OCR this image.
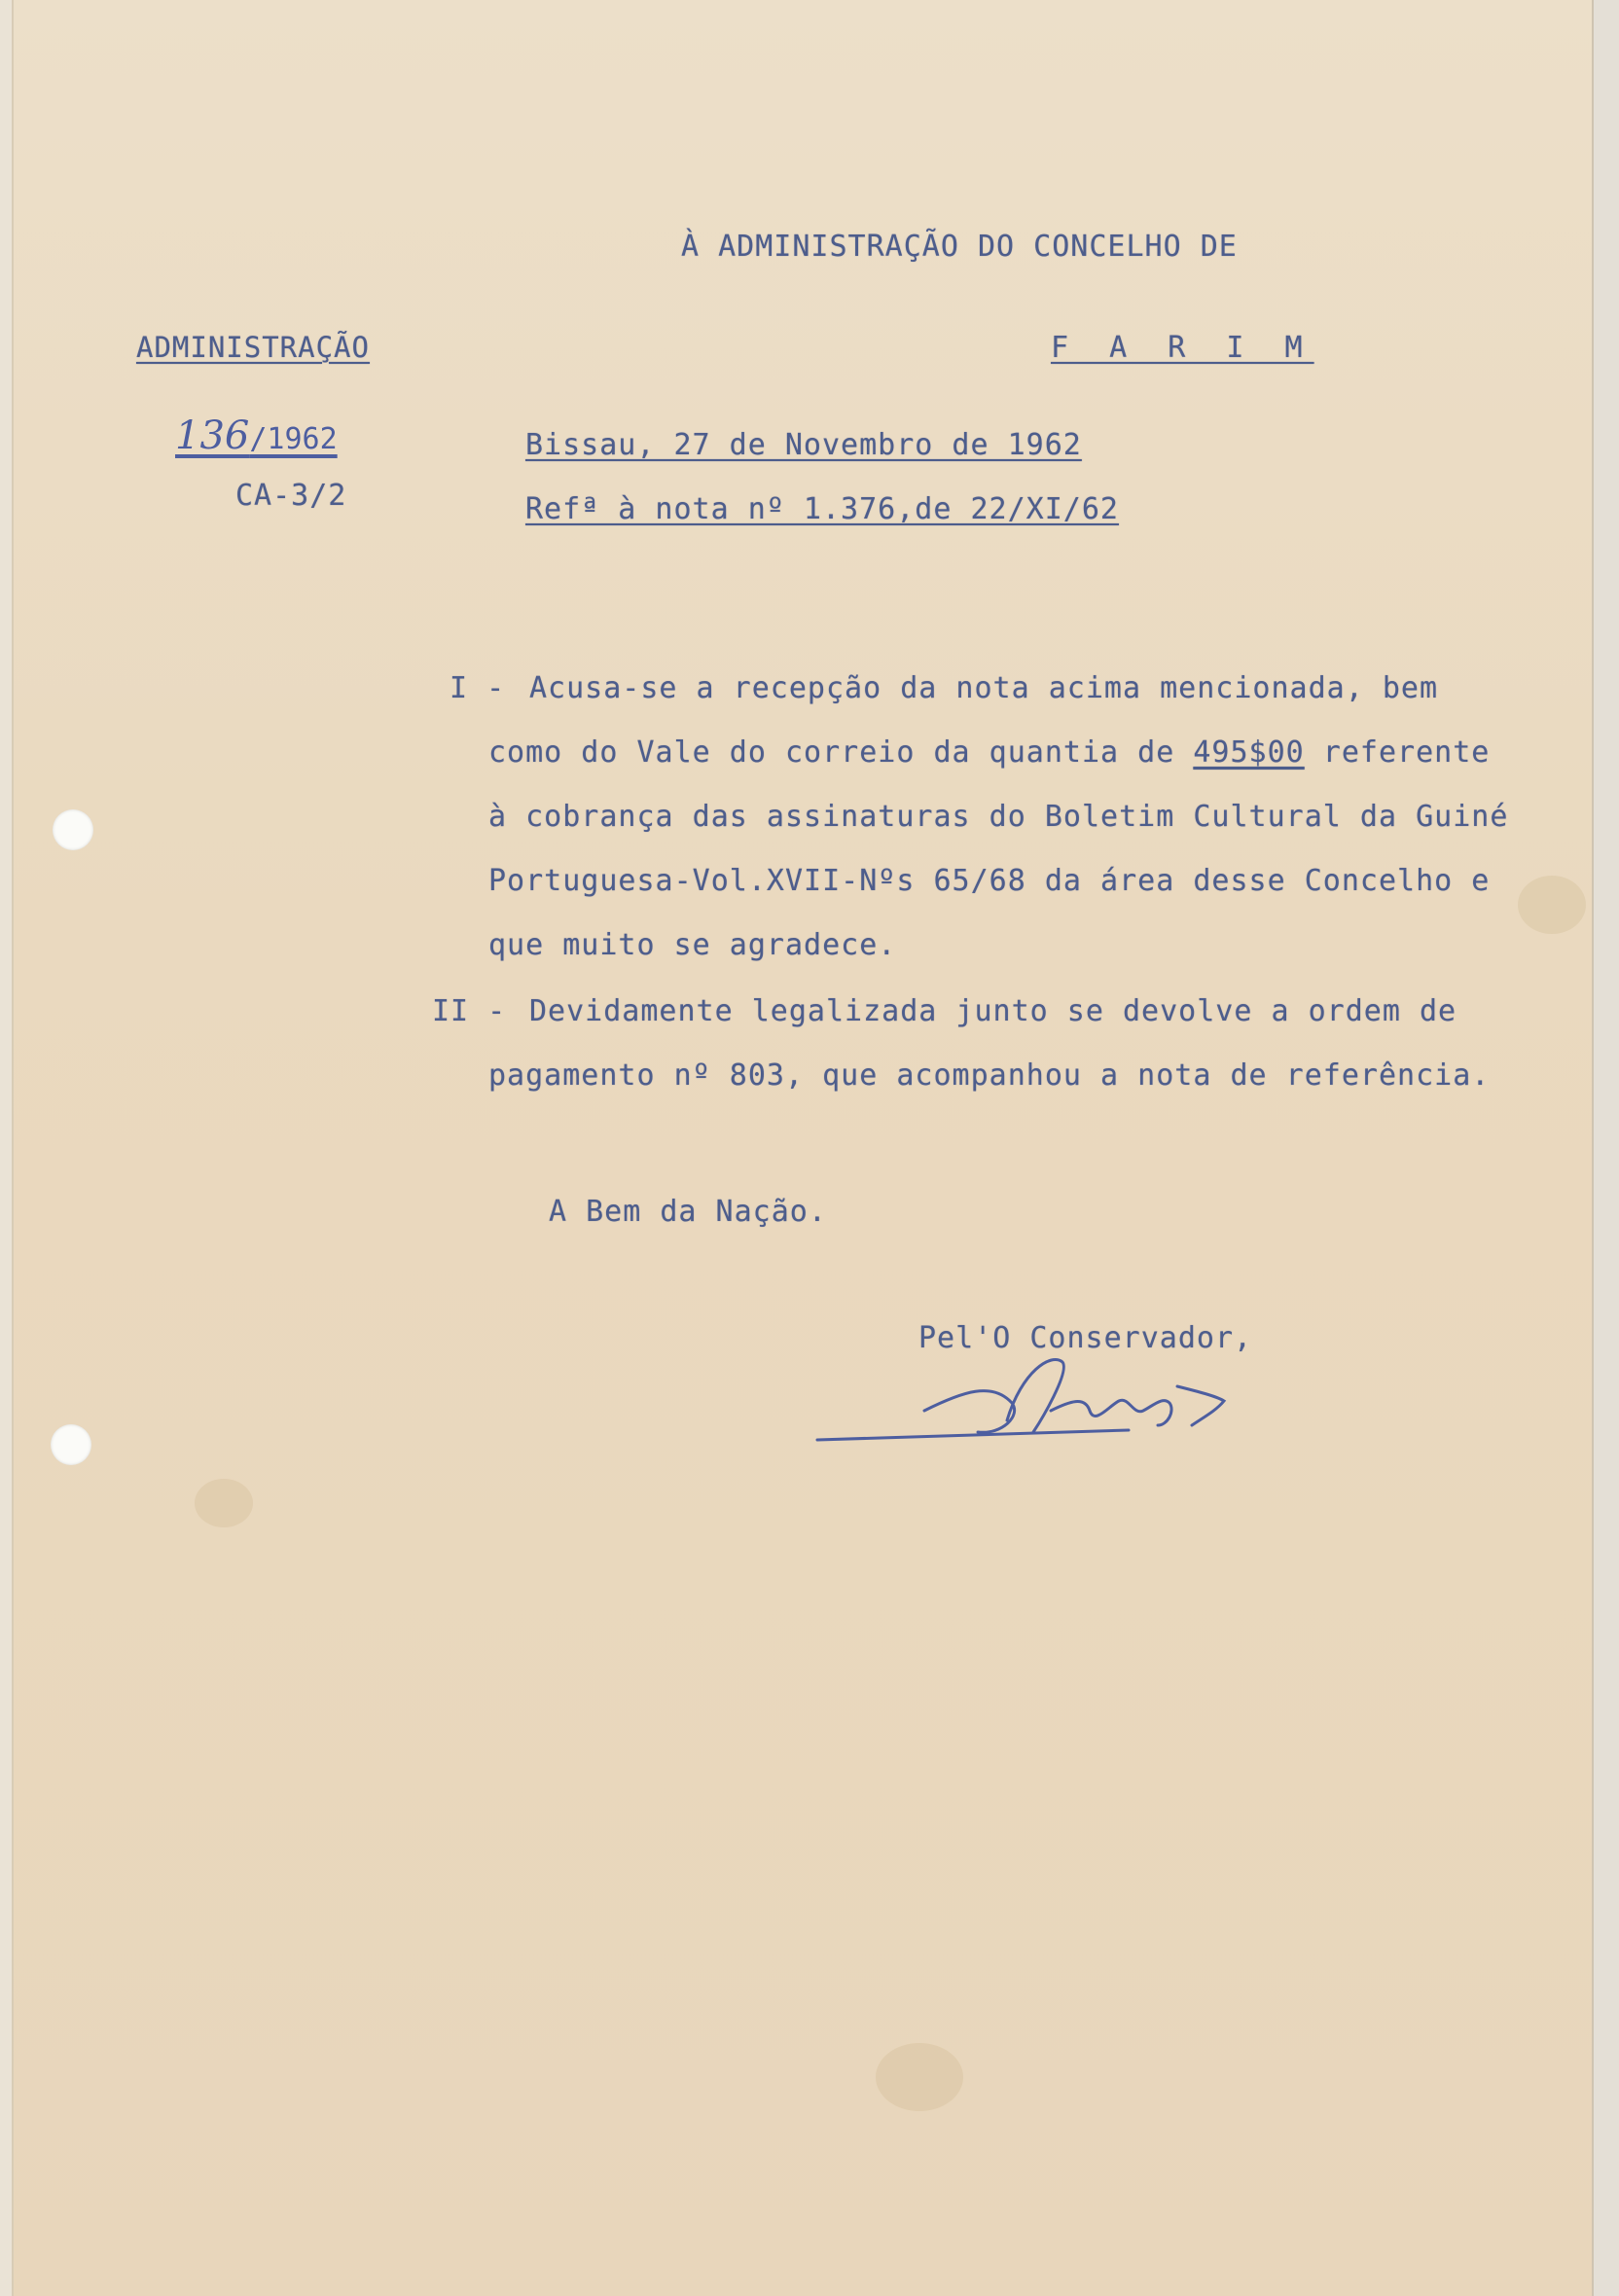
À ADMINISTRAÇÃO DO CONCELHO DE
F A R I M
ADMINISTRAÇÃO
136/1962
CA-3/2
Bissau, 27 de Novembro de 1962
Refª à nota nº 1.376,de 22/XI/62
I - Acusa-se a recepção da nota acima mencionada, bem
como do Vale do correio da quantia de 495$00 referente
à cobrança das assinaturas do Boletim Cultural da Guiné
Portuguesa-Vol.XVII-Nºs 65/68 da área desse Concelho e
que muito se agradece.
II - Devidamente legalizada junto se devolve a ordem de
pagamento nº 803, que acompanhou a nota de referência.
A Bem da Nação.
Pel'O Conservador,
